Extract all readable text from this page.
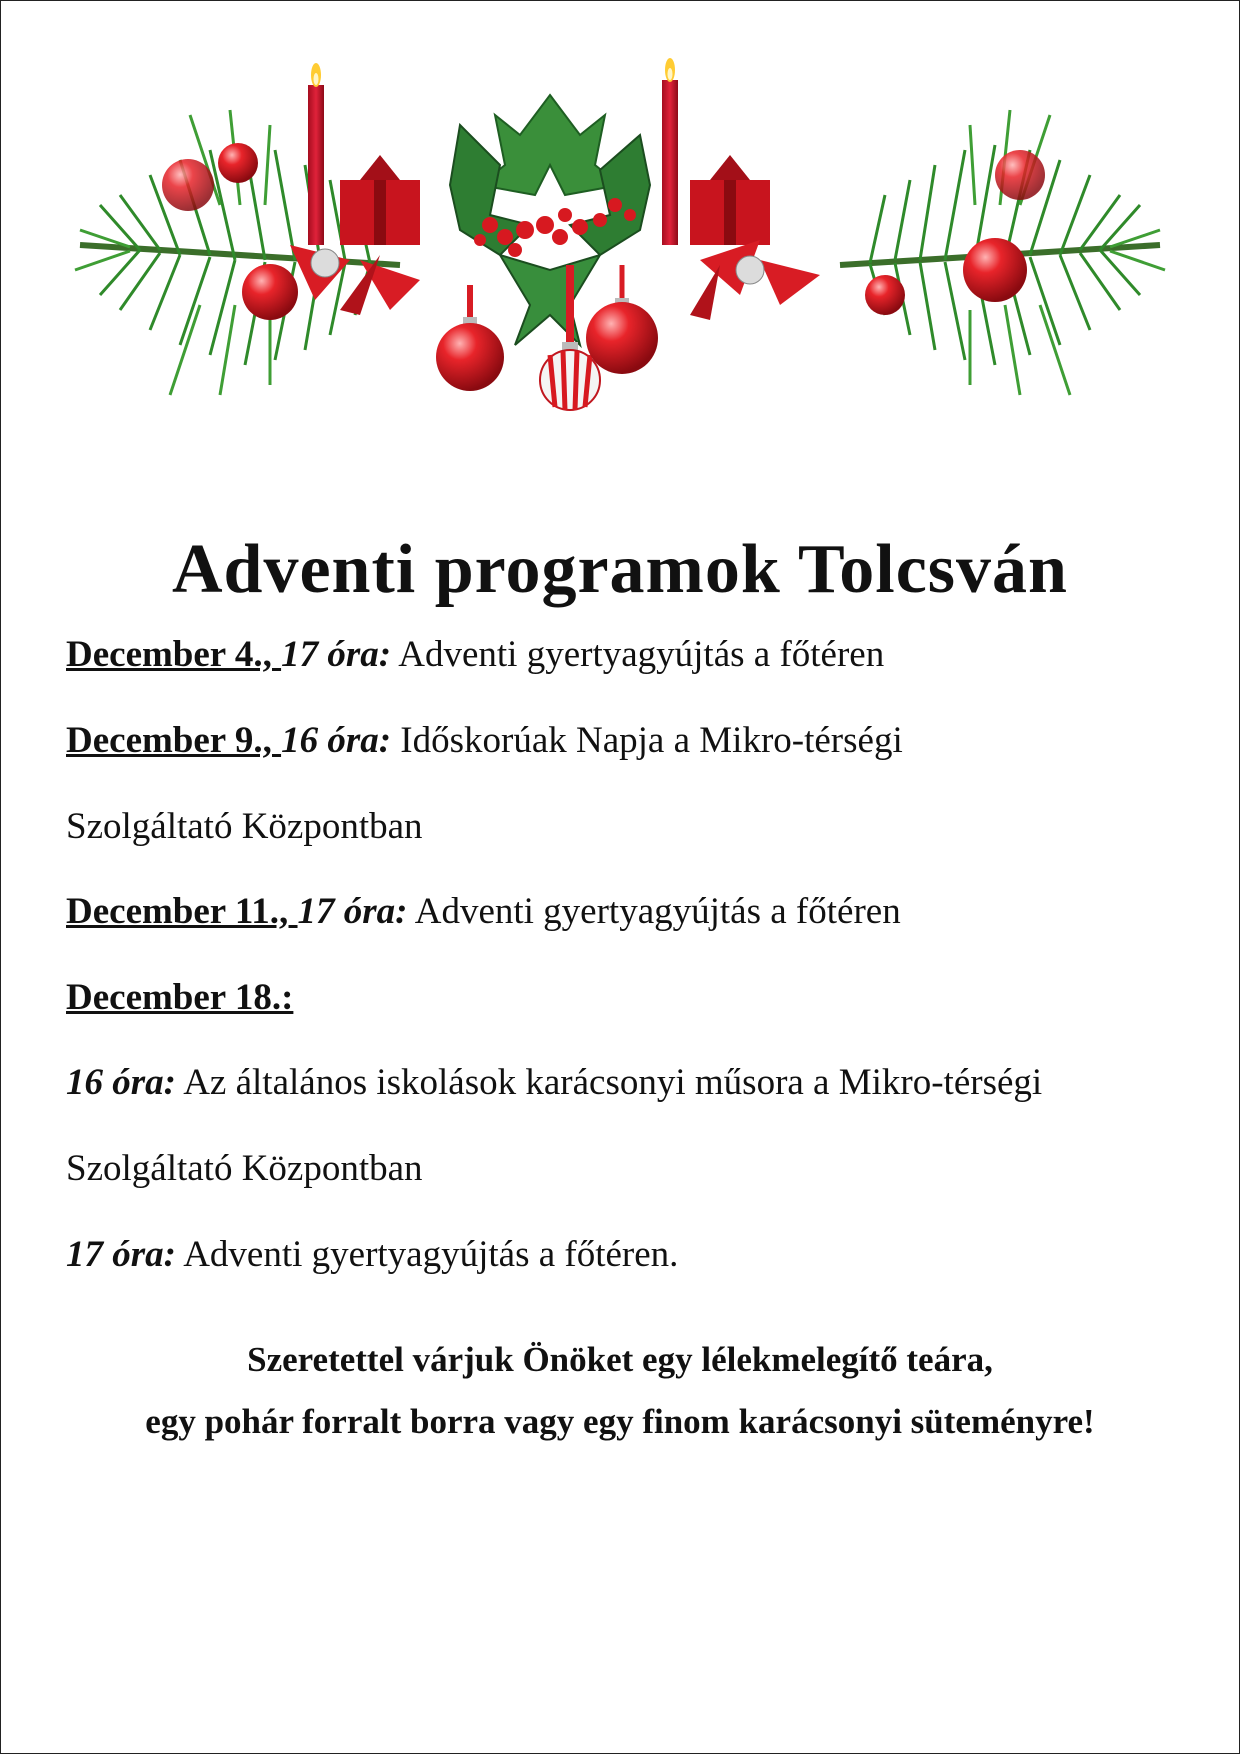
Adventi programok Tolcsván
December 4., 17 óra: Adventi gyertyagyújtás a főtéren
December 9., 16 óra: Időskorúak Napja a Mikro-térségi
Szolgáltató Központban
December 11., 17 óra: Adventi gyertyagyújtás a főtéren
December 18.:
16 óra: Az általános iskolások karácsonyi műsora a Mikro-térségi
Szolgáltató Központban
17 óra: Adventi gyertyagyújtás a főtéren.
Szeretettel várjuk Önöket egy lélekmelegítő teára,
egy pohár forralt borra vagy egy finom karácsonyi süteményre!
